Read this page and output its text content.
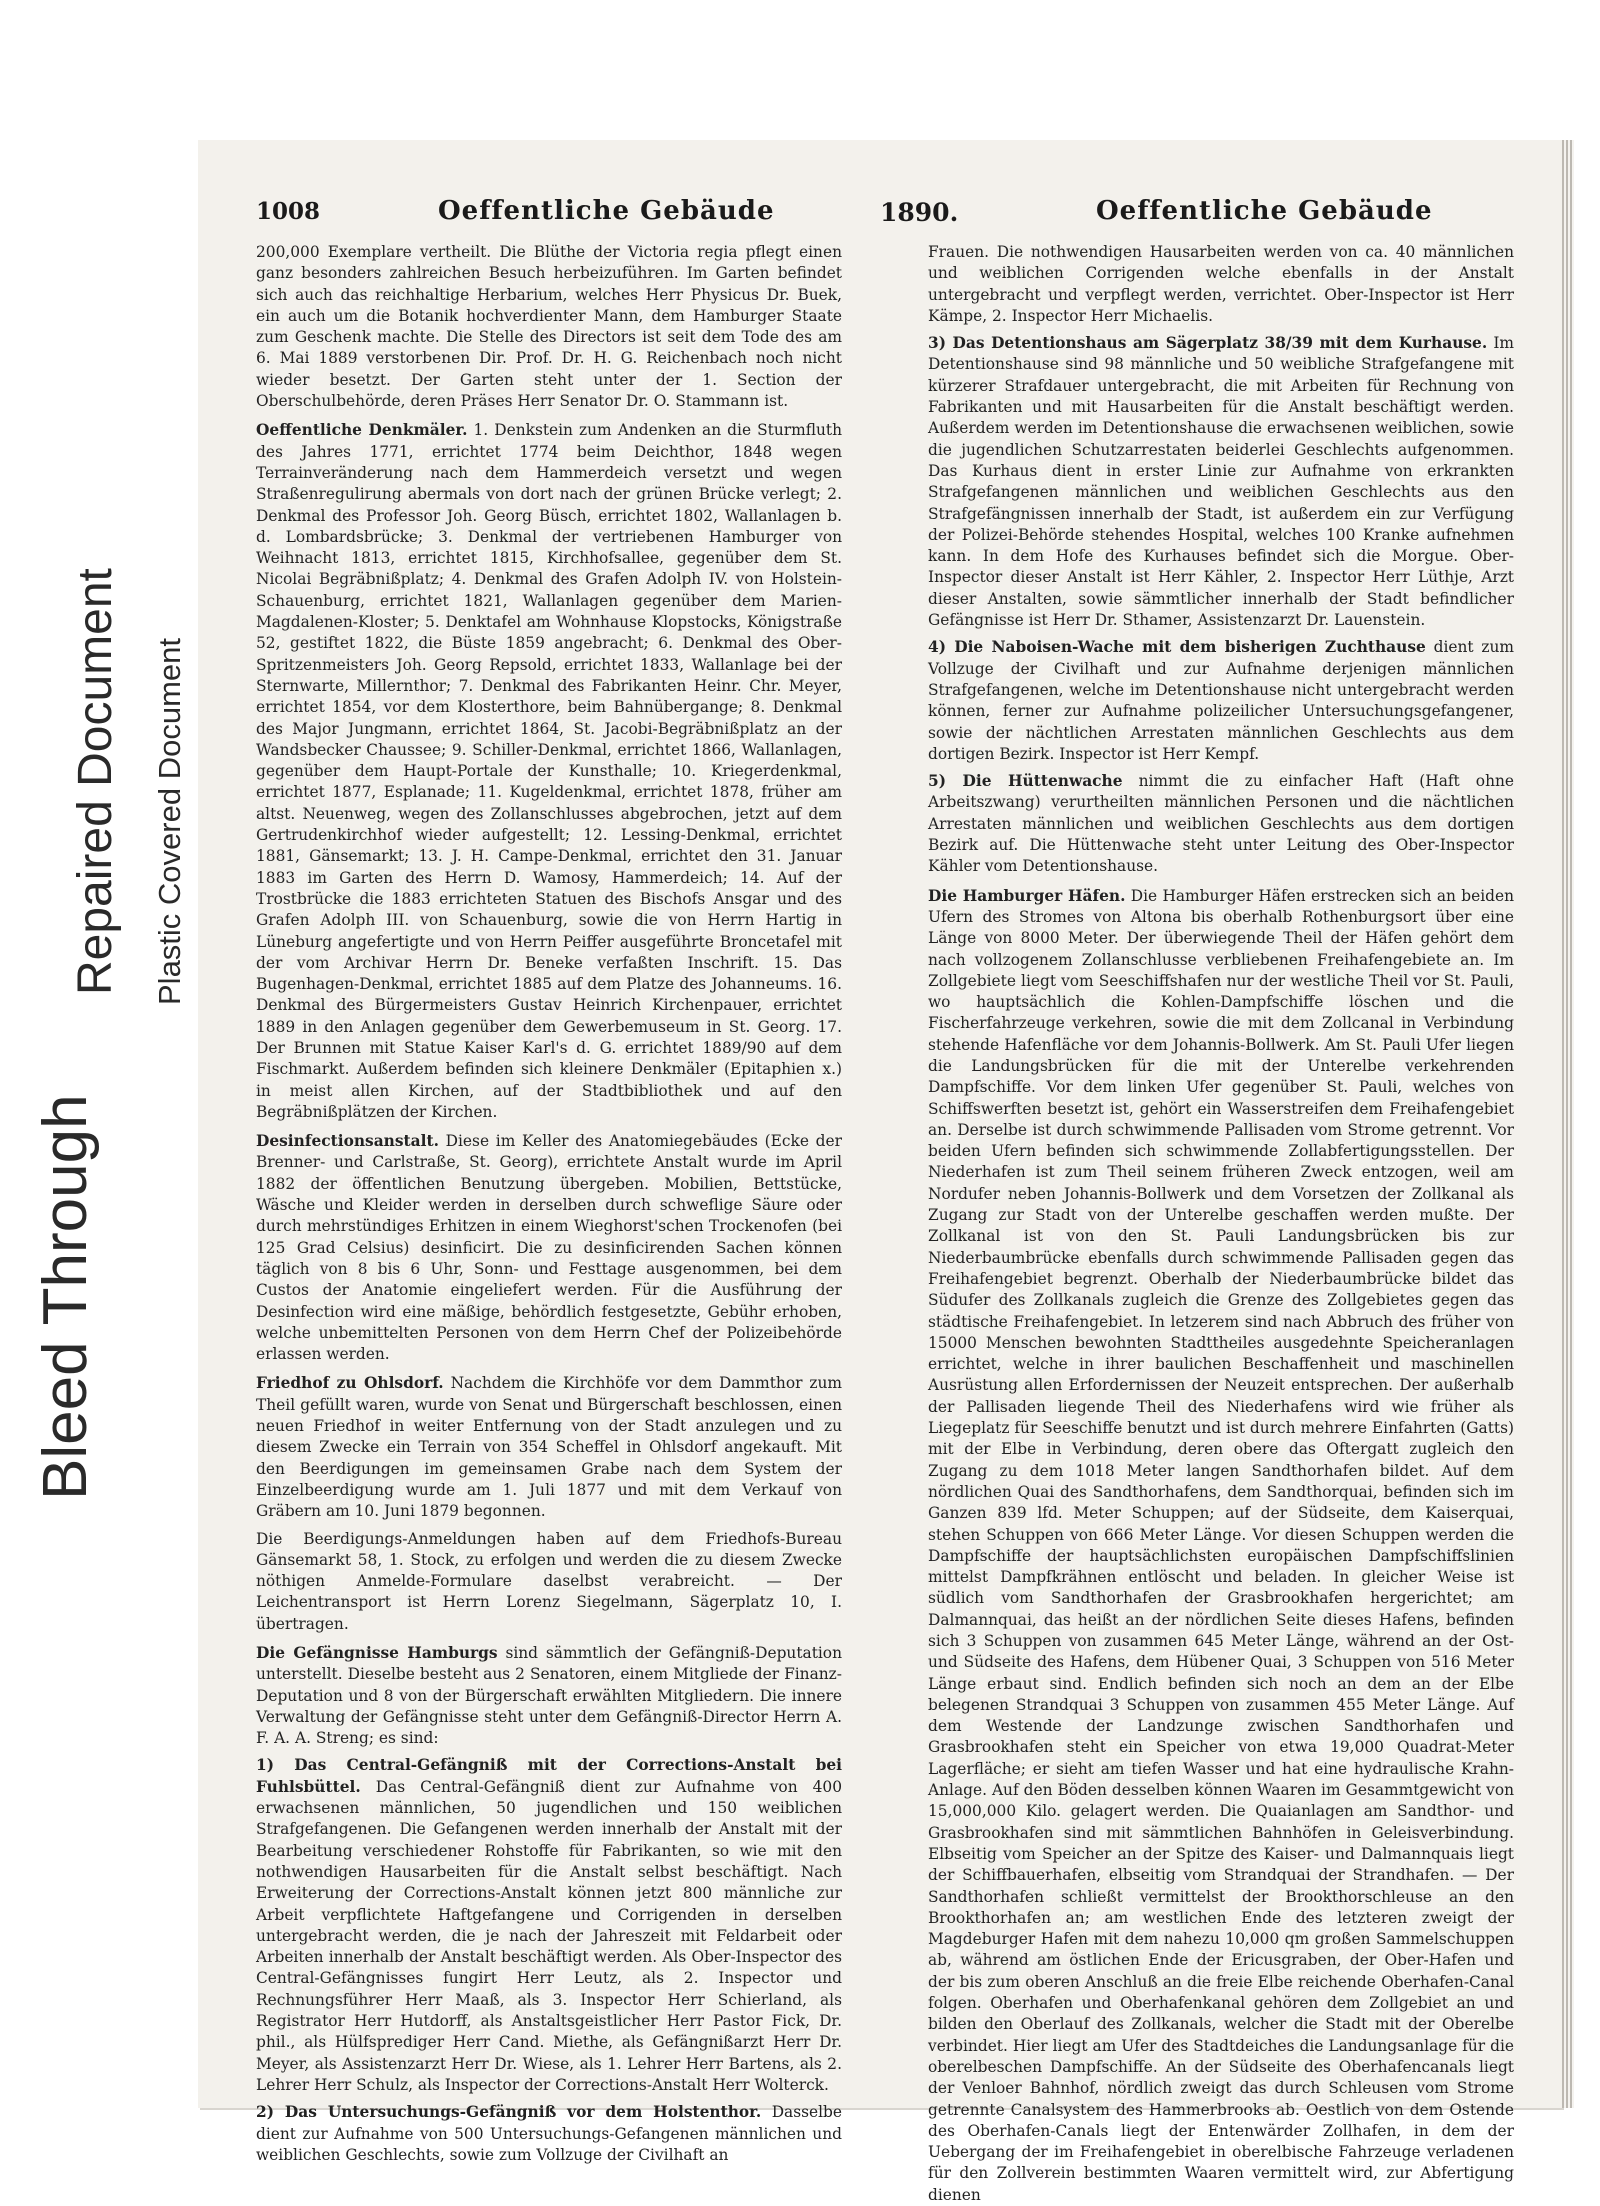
Bleed Through
Repaired Document Plastic Covered Document
1008	Oeffentliche Gebäude	1890.	Oeffentliche Gebäude

200,000 Exemplare vertheilt. Die Blüthe der Victoria regia pflegt einen ganz besonders zahlreichen Besuch herbeizuführen. Im Garten befindet sich auch das reichhaltige Herbarium, welches Herr Physicus Dr. Buek, ein auch um die Botanik hochverdienter Mann, dem Hamburger Staate zum Geschenk machte. Die Stelle des Directors ist seit dem Tode des am 6. Mai 1889 verstorbenen Dir. Prof. Dr. H. G. Reichenbach noch nicht wieder besetzt. Der Garten steht unter der 1. Section der Oberschulbehörde, deren Präses Herr Senator Dr. O. Stammann ist.

Oeffentliche Denkmäler. 1. Denkstein zum Andenken an die Sturmfluth des Jahres 1771, errichtet 1774 beim Deichthor, 1848 wegen Terrainveränderung nach dem Hammerdeich versetzt und wegen Straßenregulirung abermals von dort nach der grünen Brücke verlegt; 2. Denkmal des Professor Joh. Georg Büsch, errichtet 1802, Wallanlagen b. d. Lombardsbrücke; 3. Denkmal der vertriebenen Hamburger von Weihnacht 1813, errichtet 1815, Kirchhofsallee, gegenüber dem St. Nicolai Begräbnißplatz; 4. Denkmal des Grafen Adolph IV. von Holstein-Schauenburg, errichtet 1821, Wallanlagen gegenüber dem Marien-Magdalenen-Kloster; 5. Denktafel am Wohnhause Klopstocks, Königstraße 52, gestiftet 1822, die Büste 1859 angebracht; 6. Denkmal des Ober-Spritzenmeisters Joh. Georg Repsold, errichtet 1833, Wallanlage bei der Sternwarte, Millernthor; 7. Denkmal des Fabrikanten Heinr. Chr. Meyer, errichtet 1854, vor dem Klosterthore, beim Bahnübergange; 8. Denkmal des Major Jungmann, errichtet 1864, St. Jacobi-Begräbnißplatz an der Wandsbecker Chaussee; 9. Schiller-Denkmal, errichtet 1866, Wallanlagen, gegenüber dem Haupt-Portale der Kunsthalle; 10. Kriegerdenkmal, errichtet 1877, Esplanade; 11. Kugeldenkmal, errichtet 1878, früher am altst. Neuenweg, wegen des Zollanschlusses abgebrochen, jetzt auf dem Gertrudenkirchhof wieder aufgestellt; 12. Lessing-Denkmal, errichtet 1881, Gänsemarkt; 13. J. H. Campe-Denkmal, errichtet den 31. Januar 1883 im Garten des Herrn D. Wamosy, Hammerdeich; 14. Auf der Trostbrücke die 1883 errichteten Statuen des Bischofs Ansgar und des Grafen Adolph III. von Schauenburg, sowie die von Herrn Hartig in Lüneburg angefertigte und von Herrn Peiffer ausgeführte Broncetafel mit der vom Archivar Herrn Dr. Beneke verfaßten Inschrift. 15. Das Bugenhagen-Denkmal, errichtet 1885 auf dem Platze des Johanneums. 16. Denkmal des Bürgermeisters Gustav Heinrich Kirchenpauer, errichtet 1889 in den Anlagen gegenüber dem Gewerbemuseum in St. Georg. 17. Der Brunnen mit Statue Kaiser Karl's d. G. errichtet 1889/90 auf dem Fischmarkt. Außerdem befinden sich kleinere Denkmäler (Epitaphien x.) in meist allen Kirchen, auf der Stadtbibliothek und auf den Begräbnißplätzen der Kirchen.

Desinfectionsanstalt. Diese im Keller des Anatomiegebäudes (Ecke der Brenner- und Carlstraße, St. Georg), errichtete Anstalt wurde im April 1882 der öffentlichen Benutzung übergeben. Mobilien, Bettstücke, Wäsche und Kleider werden in derselben durch schweflige Säure oder durch mehrstündiges Erhitzen in einem Wieghorst'schen Trockenofen (bei 125 Grad Celsius) desinficirt. Die zu desinficirenden Sachen können täglich von 8 bis 6 Uhr, Sonn- und Festtage ausgenommen, bei dem Custos der Anatomie eingeliefert werden. Für die Ausführung der Desinfection wird eine mäßige, behördlich festgesetzte, Gebühr erhoben, welche unbemittelten Personen von dem Herrn Chef der Polizeibehörde erlassen werden.

Friedhof zu Ohlsdorf. Nachdem die Kirchhöfe vor dem Dammthor zum Theil gefüllt waren, wurde von Senat und Bürgerschaft beschlossen, einen neuen Friedhof in weiter Entfernung von der Stadt anzulegen und zu diesem Zwecke ein Terrain von 354 Scheffel in Ohlsdorf angekauft. Mit den Beerdigungen im gemeinsamen Grabe nach dem System der Einzelbeerdigung wurde am 1. Juli 1877 und mit dem Verkauf von Gräbern am 10. Juni 1879 begonnen.

Die Beerdigungs-Anmeldungen haben auf dem Friedhofs-Bureau Gänsemarkt 58, 1. Stock, zu erfolgen und werden die zu diesem Zwecke nöthigen Anmelde-Formulare daselbst verabreicht. — Der Leichentransport ist Herrn Lorenz Siegelmann, Sägerplatz 10, I. übertragen.

Die Gefängnisse Hamburgs sind sämmtlich der Gefängniß-Deputation unterstellt. Dieselbe besteht aus 2 Senatoren, einem Mitgliede der Finanz-Deputation und 8 von der Bürgerschaft erwählten Mitgliedern. Die innere Verwaltung der Gefängnisse steht unter dem Gefängniß-Director Herrn A. F. A. A. Streng; es sind:

1) Das Central-Gefängniß mit der Corrections-Anstalt bei Fuhlsbüttel. Das Central-Gefängniß dient zur Aufnahme von 400 erwachsenen männlichen, 50 jugendlichen und 150 weiblichen Strafgefangenen. Die Gefangenen werden innerhalb der Anstalt mit der Bearbeitung verschiedener Rohstoffe für Fabrikanten, so wie mit den nothwendigen Hausarbeiten für die Anstalt selbst beschäftigt. Nach Erweiterung der Corrections-Anstalt können jetzt 800 männliche zur Arbeit verpflichtete Haftgefangene und Corrigenden in derselben untergebracht werden, die je nach der Jahreszeit mit Feldarbeit oder Arbeiten innerhalb der Anstalt beschäftigt werden. Als Ober-Inspector des Central-Gefängnisses fungirt Herr Leutz, als 2. Inspector und Rechnungsführer Herr Maaß, als 3. Inspector Herr Schierland, als Registrator Herr Hutdorff, als Anstaltsgeistlicher Herr Pastor Fick, Dr. phil., als Hülfsprediger Herr Cand. Miethe, als Gefängnißarzt Herr Dr. Meyer, als Assistenzarzt Herr Dr. Wiese, als 1. Lehrer Herr Bartens, als 2. Lehrer Herr Schulz, als Inspector der Corrections-Anstalt Herr Wolterck.

2) Das Untersuchungs-Gefängniß vor dem Holstenthor. Dasselbe dient zur Aufnahme von 500 Untersuchungs-Gefangenen männlichen und weiblichen Geschlechts, sowie zum Vollzuge der Civilhaft an

Frauen. Die nothwendigen Hausarbeiten werden von ca. 40 männlichen und weiblichen Corrigenden welche ebenfalls in der Anstalt untergebracht und verpflegt werden, verrichtet. Ober-Inspector ist Herr Kämpe, 2. Inspector Herr Michaelis.

3) Das Detentionshaus am Sägerplatz 38/39 mit dem Kurhause. Im Detentionshause sind 98 männliche und 50 weibliche Strafgefangene mit kürzerer Strafdauer untergebracht, die mit Arbeiten für Rechnung von Fabrikanten und mit Hausarbeiten für die Anstalt beschäftigt werden. Außerdem werden im Detentionshause die erwachsenen weiblichen, sowie die jugendlichen Schutzarrestaten beiderlei Geschlechts aufgenommen. Das Kurhaus dient in erster Linie zur Aufnahme von erkrankten Strafgefangenen männlichen und weiblichen Geschlechts aus den Strafgefängnissen innerhalb der Stadt, ist außerdem ein zur Verfügung der Polizei-Behörde stehendes Hospital, welches 100 Kranke aufnehmen kann. In dem Hofe des Kurhauses befindet sich die Morgue. Ober-Inspector dieser Anstalt ist Herr Kähler, 2. Inspector Herr Lüthje, Arzt dieser Anstalten, sowie sämmtlicher innerhalb der Stadt befindlicher Gefängnisse ist Herr Dr. Sthamer, Assistenzarzt Dr. Lauenstein.

4) Die Naboisen-Wache mit dem bisherigen Zuchthause dient zum Vollzuge der Civilhaft und zur Aufnahme derjenigen männlichen Strafgefangenen, welche im Detentionshause nicht untergebracht werden können, ferner zur Aufnahme polizeilicher Untersuchungsgefangener, sowie der nächtlichen Arrestaten männlichen Geschlechts aus dem dortigen Bezirk. Inspector ist Herr Kempf.

5) Die Hüttenwache nimmt die zu einfacher Haft (Haft ohne Arbeitszwang) verurtheilten männlichen Personen und die nächtlichen Arrestaten männlichen und weiblichen Geschlechts aus dem dortigen Bezirk auf. Die Hüttenwache steht unter Leitung des Ober-Inspector Kähler vom Detentionshause.

Die Hamburger Häfen. Die Hamburger Häfen erstrecken sich an beiden Ufern des Stromes von Altona bis oberhalb Rothenburgsort über eine Länge von 8000 Meter. Der überwiegende Theil der Häfen gehört dem nach vollzogenem Zollanschlusse verbliebenen Freihafengebiete an. Im Zollgebiete liegt vom Seeschiffshafen nur der westliche Theil vor St. Pauli, wo hauptsächlich die Kohlen-Dampfschiffe löschen und die Fischerfahrzeuge verkehren, sowie die mit dem Zollcanal in Verbindung stehende Hafenfläche vor dem Johannis-Bollwerk. Am St. Pauli Ufer liegen die Landungsbrücken für die mit der Unterelbe verkehrenden Dampfschiffe. Vor dem linken Ufer gegenüber St. Pauli, welches von Schiffswerften besetzt ist, gehört ein Wasserstreifen dem Freihafengebiet an. Derselbe ist durch schwimmende Pallisaden vom Strome getrennt. Vor beiden Ufern befinden sich schwimmende Zollabfertigungsstellen. Der Niederhafen ist zum Theil seinem früheren Zweck entzogen, weil am Nordufer neben Johannis-Bollwerk und dem Vorsetzen der Zollkanal als Zugang zur Stadt von der Unterelbe geschaffen werden mußte. Der Zollkanal ist von den St. Pauli Landungsbrücken bis zur Niederbaumbrücke ebenfalls durch schwimmende Pallisaden gegen das Freihafengebiet begrenzt. Oberhalb der Niederbaumbrücke bildet das Südufer des Zollkanals zugleich die Grenze des Zollgebietes gegen das städtische Freihafengebiet. In letzerem sind nach Abbruch des früher von 15000 Menschen bewohnten Stadttheiles ausgedehnte Speicheranlagen errichtet, welche in ihrer baulichen Beschaffenheit und maschinellen Ausrüstung allen Erfordernissen der Neuzeit entsprechen. Der außerhalb der Pallisaden liegende Theil des Niederhafens wird wie früher als Liegeplatz für Seeschiffe benutzt und ist durch mehrere Einfahrten (Gatts) mit der Elbe in Verbindung, deren obere das Oftergatt zugleich den Zugang zu dem 1018 Meter langen Sandthorhafen bildet. Auf dem nördlichen Quai des Sandthorhafens, dem Sandthorquai, befinden sich im Ganzen 839 lfd. Meter Schuppen; auf der Südseite, dem Kaiserquai, stehen Schuppen von 666 Meter Länge. Vor diesen Schuppen werden die Dampfschiffe der hauptsächlichsten europäischen Dampfschiffslinien mittelst Dampfkrähnen entlöscht und beladen. In gleicher Weise ist südlich vom Sandthorhafen der Grasbrookhafen hergerichtet; am Dalmannquai, das heißt an der nördlichen Seite dieses Hafens, befinden sich 3 Schuppen von zusammen 645 Meter Länge, während an der Ost- und Südseite des Hafens, dem Hübener Quai, 3 Schuppen von 516 Meter Länge erbaut sind. Endlich befinden sich noch an dem an der Elbe belegenen Strandquai 3 Schuppen von zusammen 455 Meter Länge. Auf dem Westende der Landzunge zwischen Sandthorhafen und Grasbrookhafen steht ein Speicher von etwa 19,000 Quadrat-Meter Lagerfläche; er sieht am tiefen Wasser und hat eine hydraulische Krahn-Anlage. Auf den Böden desselben können Waaren im Gesammtgewicht von 15,000,000 Kilo. gelagert werden. Die Quaianlagen am Sandthor- und Grasbrookhafen sind mit sämmtlichen Bahnhöfen in Geleisverbindung. Elbseitig vom Speicher an der Spitze des Kaiser- und Dalmannquais liegt der Schiffbauerhafen, elbseitig vom Strandquai der Strandhafen. — Der Sandthorhafen schließt vermittelst der Brookthorschleuse an den Brookthorhafen an; am westlichen Ende des letzteren zweigt der Magdeburger Hafen mit dem nahezu 10,000 qm großen Sammelschuppen ab, während am östlichen Ende der Ericusgraben, der Ober-Hafen und der bis zum oberen Anschluß an die freie Elbe reichende Oberhafen-Canal folgen. Oberhafen und Oberhafenkanal gehören dem Zollgebiet an und bilden den Oberlauf des Zollkanals, welcher die Stadt mit der Oberelbe verbindet. Hier liegt am Ufer des Stadtdeiches die Landungsanlage für die oberelbeschen Dampfschiffe. An der Südseite des Oberhafencanals liegt der Venloer Bahnhof, nördlich zweigt das durch Schleusen vom Strome getrennte Canalsystem des Hammerbrooks ab. Oestlich von dem Ostende des Oberhafen-Canals liegt der Entenwärder Zollhafen, in dem der Uebergang der im Freihafengebiet in oberelbische Fahrzeuge verladenen für den Zollverein bestimmten Waaren vermittelt wird, zur Abfertigung dienen
